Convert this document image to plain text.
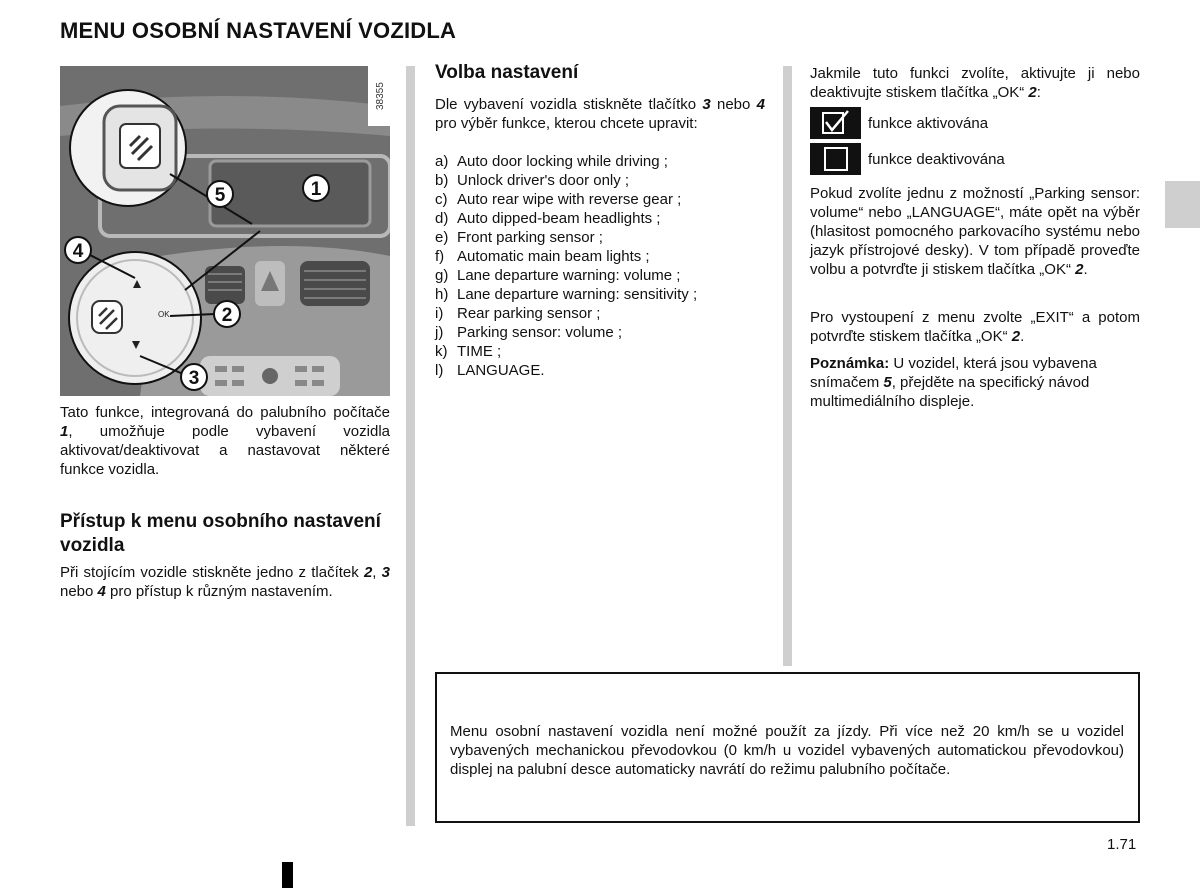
MENU OSOBNÍ NASTAVENÍ VOZIDLA
1
5
4
2
3
OK
38355
Tato funkce, integrovaná do palubního počítače 1, umožňuje podle vybavení vozidla aktivovat/deaktivovat a nastavovat některé funkce vozidla.
Přístup k menu osobního nastavení vozidla
Při stojícím vozidle stiskněte jedno z tlačítek 2, 3 nebo 4 pro přístup k různým nastavením.
Volba nastavení
Dle vybavení vozidla stiskněte tlačítko 3 nebo 4 pro výběr funkce, kterou chcete upravit:
a) Auto door locking while driving ;
b) Unlock driver's door only ;
c) Auto rear wipe with reverse gear ;
d) Auto dipped-beam headlights ;
e) Front parking sensor ;
f) Automatic main beam lights ;
g) Lane departure warning: volume ;
h) Lane departure warning: sensitivity ;
i) Rear parking sensor ;
j) Parking sensor: volume ;
k) TIME ;
l) LANGUAGE.
Jakmile tuto funkci zvolíte, aktivujte ji nebo deaktivujte stiskem tlačítka „OK“ 2:
funkce aktivována
funkce deaktivována
Pokud zvolíte jednu z možností „Parking sensor: volume“ nebo „LANGUAGE“, máte opět na výběr (hlasitost pomocného parkovacího systému nebo jazyk přístrojové desky). V tom případě proveďte volbu a potvrďte ji stiskem tlačítka „OK“ 2.
Pro vystoupení z menu zvolte „EXIT“ a potom potvrďte stiskem tlačítka „OK“ 2.
Poznámka: U vozidel, která jsou vybavena snímačem 5, přejděte na specifický návod multimediálního displeje.
Menu osobní nastavení vozidla není možné použít za jízdy. Při více než 20 km/h se u vozidel vybavených mechanickou převodovkou (0 km/h u vozidel vybavených automatickou převodovkou) displej na palubní desce automaticky navrátí do režimu palubního počítače.
1.71
